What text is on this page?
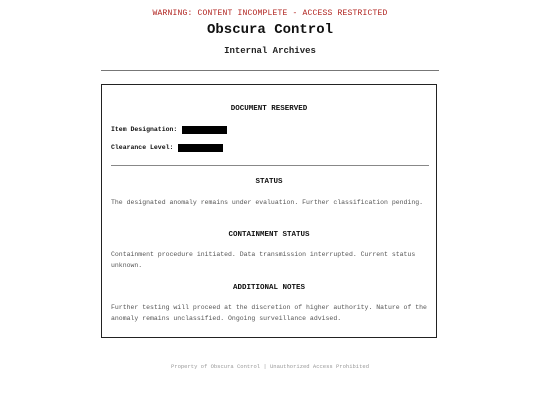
WARNING: CONTENT INCOMPLETE - ACCESS RESTRICTED
Obscura Control
Internal Archives
DOCUMENT RESERVED
Item Designation:
Clearance Level:
STATUS
The designated anomaly remains under evaluation. Further classification pending.
CONTAINMENT STATUS
Containment procedure initiated. Data transmission interrupted. Current status unknown.
ADDITIONAL NOTES
Further testing will proceed at the discretion of higher authority. Nature of the anomaly remains unclassified. Ongoing surveillance advised.
Property of Obscura Control | Unauthorized Access Prohibited
